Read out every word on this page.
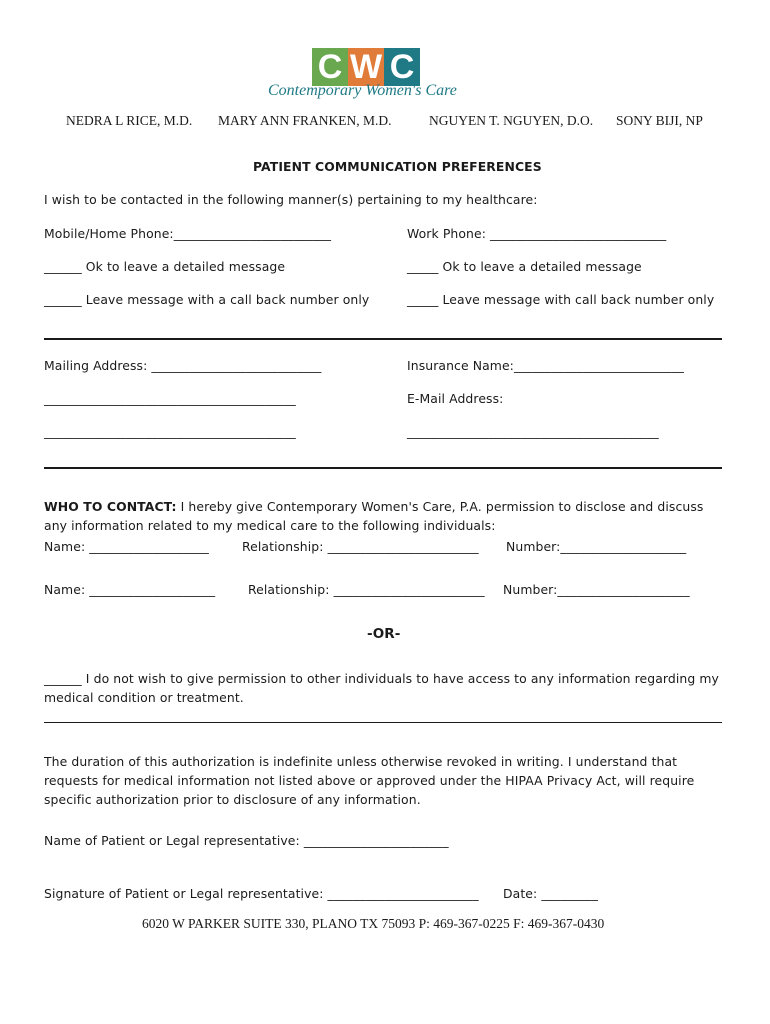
C W C
Contemporary Women's Care
NEDRA L RICE, M.D. MARY ANN FRANKEN, M.D.	NGUYEN T. NGUYEN, D.O. SONY BIJI, NP
PATIENT COMMUNICATION PREFERENCES
I wish to be contacted in the following manner(s) pertaining to my healthcare:
Mobile/Home Phone:_________________________	Work Phone: ____________________________
______ Ok to leave a detailed message	_____ Ok to leave a detailed message
______ Leave message with a call back number only	_____ Leave message with call back number only
Mailing Address: ___________________________	Insurance Name:___________________________
________________________________________	E-Mail Address:
________________________________________	________________________________________
WHO TO CONTACT: I hereby give Contemporary Women's Care, P.A. permission to disclose and discuss any information related to my medical care to the following individuals:
Name: ___________________	Relationship: ________________________ Number:____________________
Name: ____________________	Relationship: ________________________ Number:_____________________
-OR-
______ I do not wish to give permission to other individuals to have access to any information regarding my medical condition or treatment.
The duration of this authorization is indefinite unless otherwise revoked in writing. I understand that requests for medical information not listed above or approved under the HIPAA Privacy Act, will require specific authorization prior to disclosure of any information.
Name of Patient or Legal representative: _______________________
Signature of Patient or Legal representative: ________________________ Date: _________
6020 W PARKER SUITE 330, PLANO TX 75093 P: 469-367-0225 F: 469-367-0430
